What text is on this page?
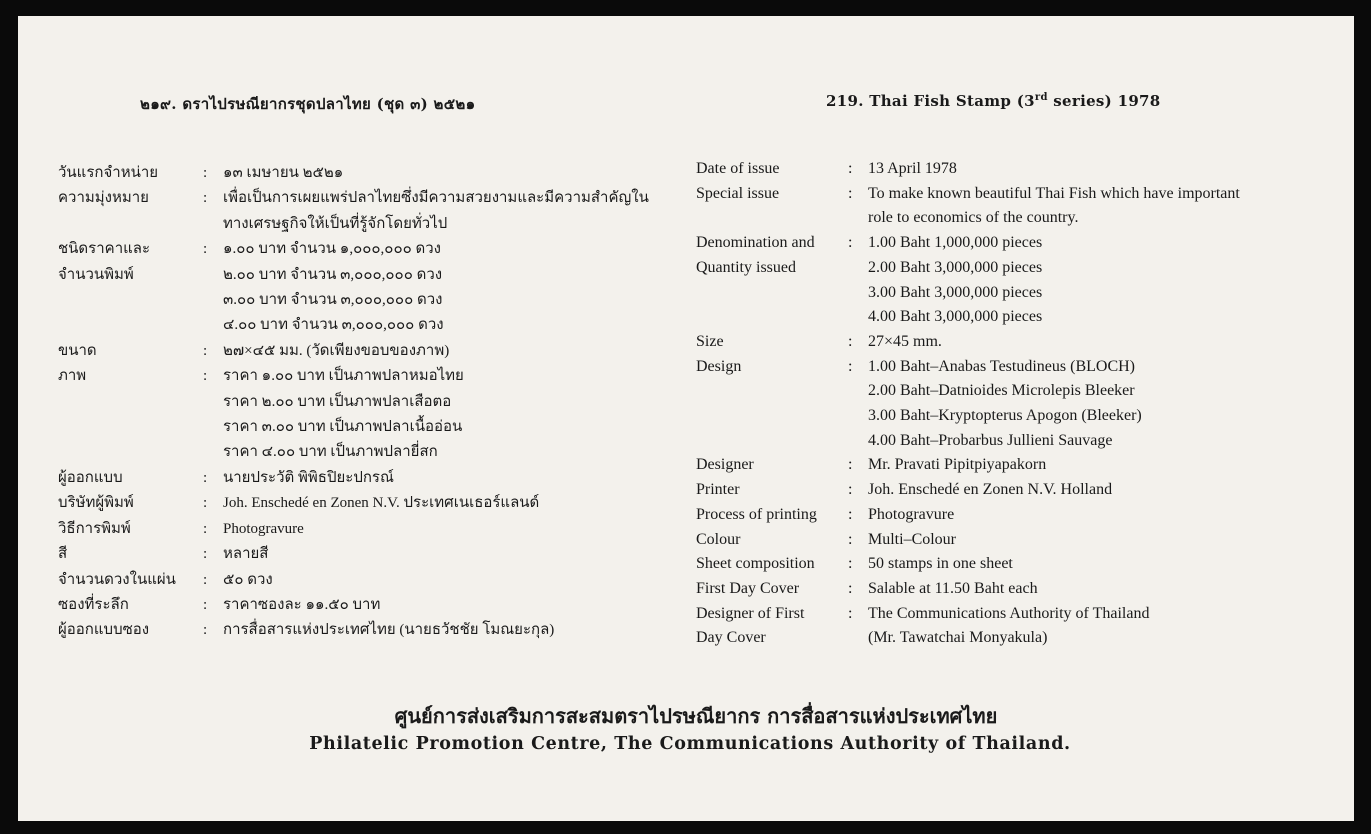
๒๑๙. ดราไปรษณียากรชุดปลาไทย (ชุด ๓) ๒๕๒๑	219. Thai Fish Stamp (3rd series) 1978
วันแรกจำหน่าย	:	๑๓ เมษายน ๒๕๒๑
ความมุ่งหมาย	:	เพื่อเป็นการเผยแพร่ปลาไทยซึ่งมีความสวยงามและมีความสำคัญใน
ทางเศรษฐกิจให้เป็นที่รู้จักโดยทั่วไป
ชนิดราคาและ	:	๑.๐๐ บาท จำนวน ๑,๐๐๐,๐๐๐ ดวง
จำนวนพิมพ์	๒.๐๐ บาท จำนวน ๓,๐๐๐,๐๐๐ ดวง
๓.๐๐ บาท จำนวน ๓,๐๐๐,๐๐๐ ดวง
๔.๐๐ บาท จำนวน ๓,๐๐๐,๐๐๐ ดวง
ขนาด	:	๒๗×๔๕ มม. (วัดเพียงขอบของภาพ)
ภาพ	:	ราคา ๑.๐๐ บาท เป็นภาพปลาหมอไทย
ราคา ๒.๐๐ บาท เป็นภาพปลาเสือตอ
ราคา ๓.๐๐ บาท เป็นภาพปลาเนื้ออ่อน
ราคา ๔.๐๐ บาท เป็นภาพปลายี่สก
ผู้ออกแบบ	:	นายประวัติ พิพิธปิยะปกรณ์
บริษัทผู้พิมพ์	:	Joh. Enschedé en Zonen N.V. ประเทศเนเธอร์แลนด์
วิธีการพิมพ์	:	Photogravure
สี	:	หลายสี
จำนวนดวงในแผ่น	:	๕๐ ดวง
ซองที่ระลึก	:	ราคาซองละ ๑๑.๕๐ บาท
ผู้ออกแบบซอง	:	การสื่อสารแห่งประเทศไทย (นายธวัชชัย โมณยะกุล)
Date of issue	: 13 April 1978
Special issue	: To make known beautiful Thai Fish which have important
role to economics of the country.
Denomination and	: 1.00 Baht 1,000,000 pieces
Quantity issued	2.00 Baht 3,000,000 pieces
3.00 Baht 3,000,000 pieces
4.00 Baht 3,000,000 pieces
Size	: 27×45 mm.
Design	: 1.00 Baht–Anabas Testudineus (BLOCH)
2.00 Baht–Datnioides Microlepis Bleeker
3.00 Baht–Kryptopterus Apogon (Bleeker)
4.00 Baht–Probarbus Jullieni Sauvage
Designer	: Mr. Pravati Pipitpiyapakorn
Printer	: Joh. Enschedé en Zonen N.V. Holland
Process of printing	: Photogravure
Colour	: Multi–Colour
Sheet composition	: 50 stamps in one sheet
First Day Cover	: Salable at 11.50 Baht each
Designer of First	: The Communications Authority of Thailand
Day Cover	(Mr. Tawatchai Monyakula)
ศูนย์การส่งเสริมการสะสมตราไปรษณียากร การสื่อสารแห่งประเทศไทย
Philatelic Promotion Centre, The Communications Authority of Thailand.
